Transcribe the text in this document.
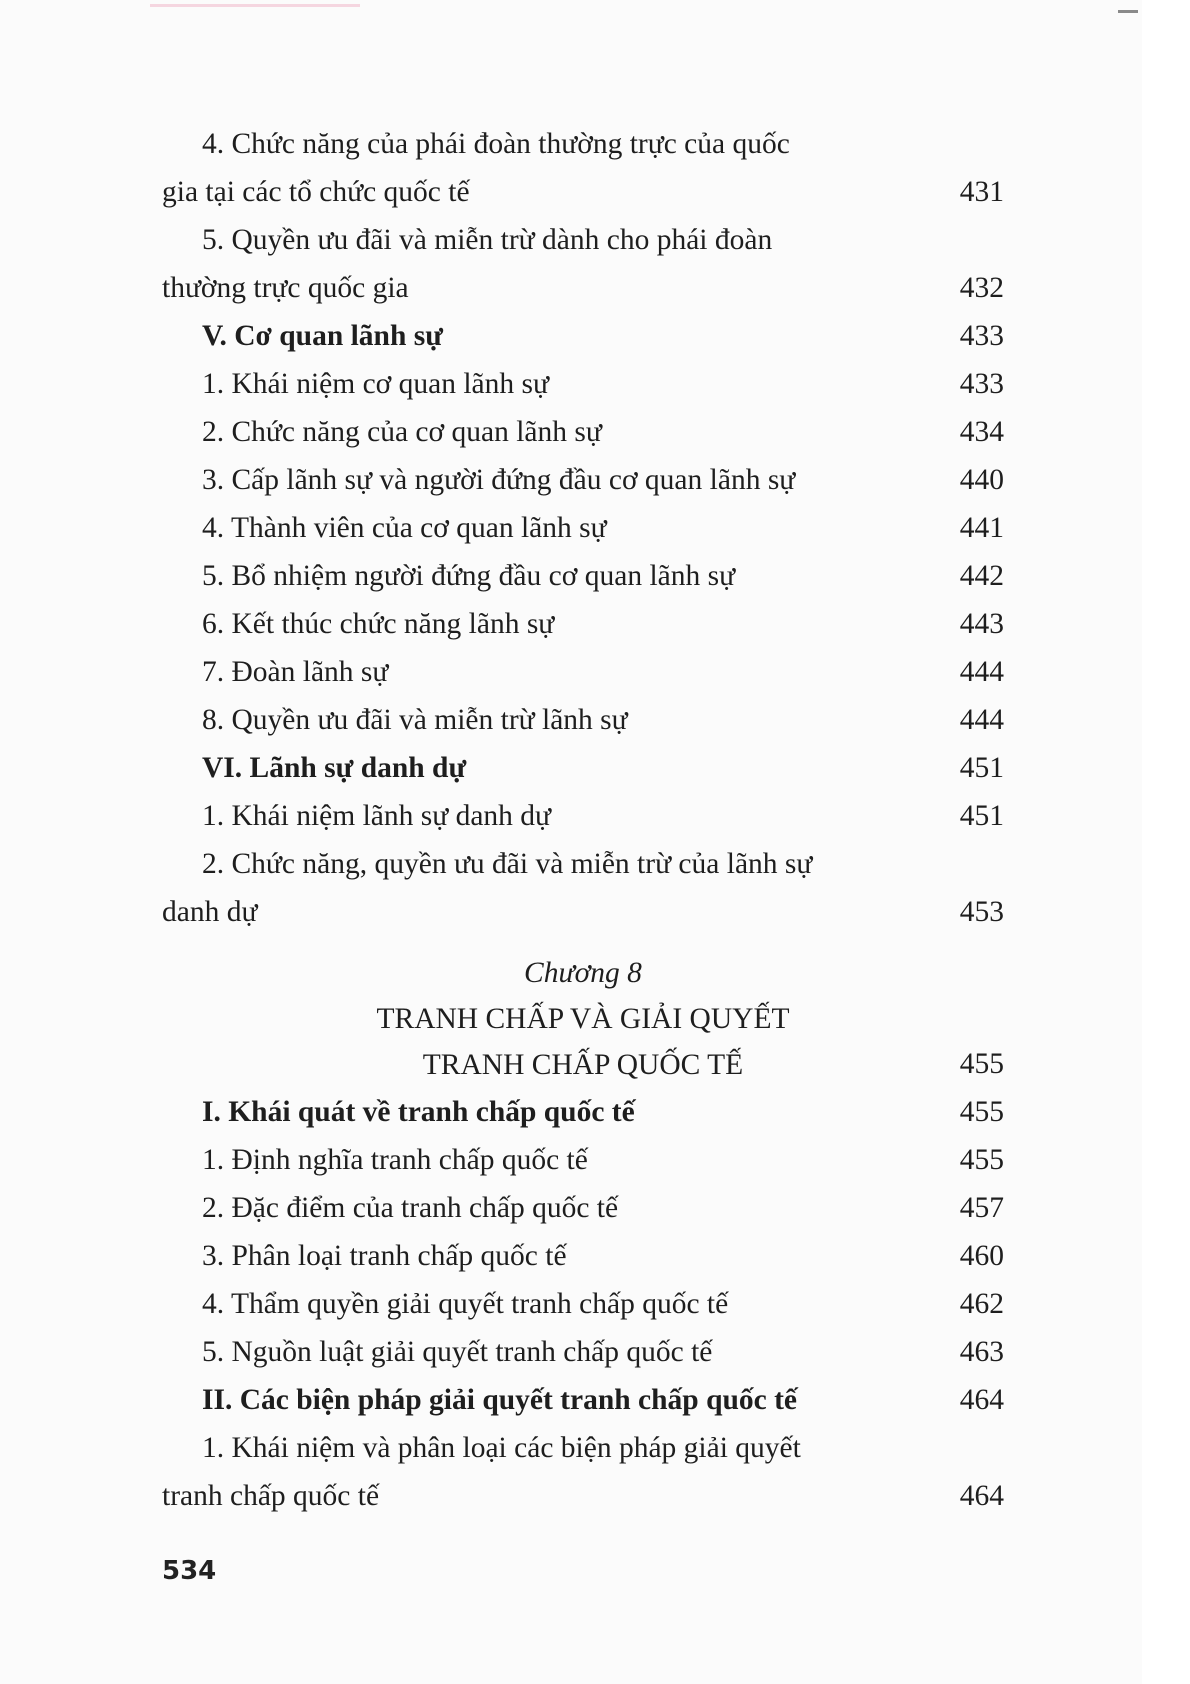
4. Chức năng của phái đoàn thường trực của quốc
gia tại các tổ chức quốc tế	431
5. Quyền ưu đãi và miễn trừ dành cho phái đoàn
thường trực quốc gia	432
V. Cơ quan lãnh sự	433
1. Khái niệm cơ quan lãnh sự	433
2. Chức năng của cơ quan lãnh sự	434
3. Cấp lãnh sự và người đứng đầu cơ quan lãnh sự	440
4. Thành viên của cơ quan lãnh sự	441
5. Bổ nhiệm người đứng đầu cơ quan lãnh sự	442
6. Kết thúc chức năng lãnh sự	443
7. Đoàn lãnh sự	444
8. Quyền ưu đãi và miễn trừ lãnh sự	444
VI. Lãnh sự danh dự	451
1. Khái niệm lãnh sự danh dự	451
2. Chức năng, quyền ưu đãi và miễn trừ của lãnh sự
danh dự	453
Chương 8
TRANH CHẤP VÀ GIẢI QUYẾT
TRANH CHẤP QUỐC TẾ	455
I. Khái quát về tranh chấp quốc tế	455
1. Định nghĩa tranh chấp quốc tế	455
2. Đặc điểm của tranh chấp quốc tế	457
3. Phân loại tranh chấp quốc tế	460
4. Thẩm quyền giải quyết tranh chấp quốc tế	462
5. Nguồn luật giải quyết tranh chấp quốc tế	463
II. Các biện pháp giải quyết tranh chấp quốc tế	464
1. Khái niệm và phân loại các biện pháp giải quyết
tranh chấp quốc tế	464
534
